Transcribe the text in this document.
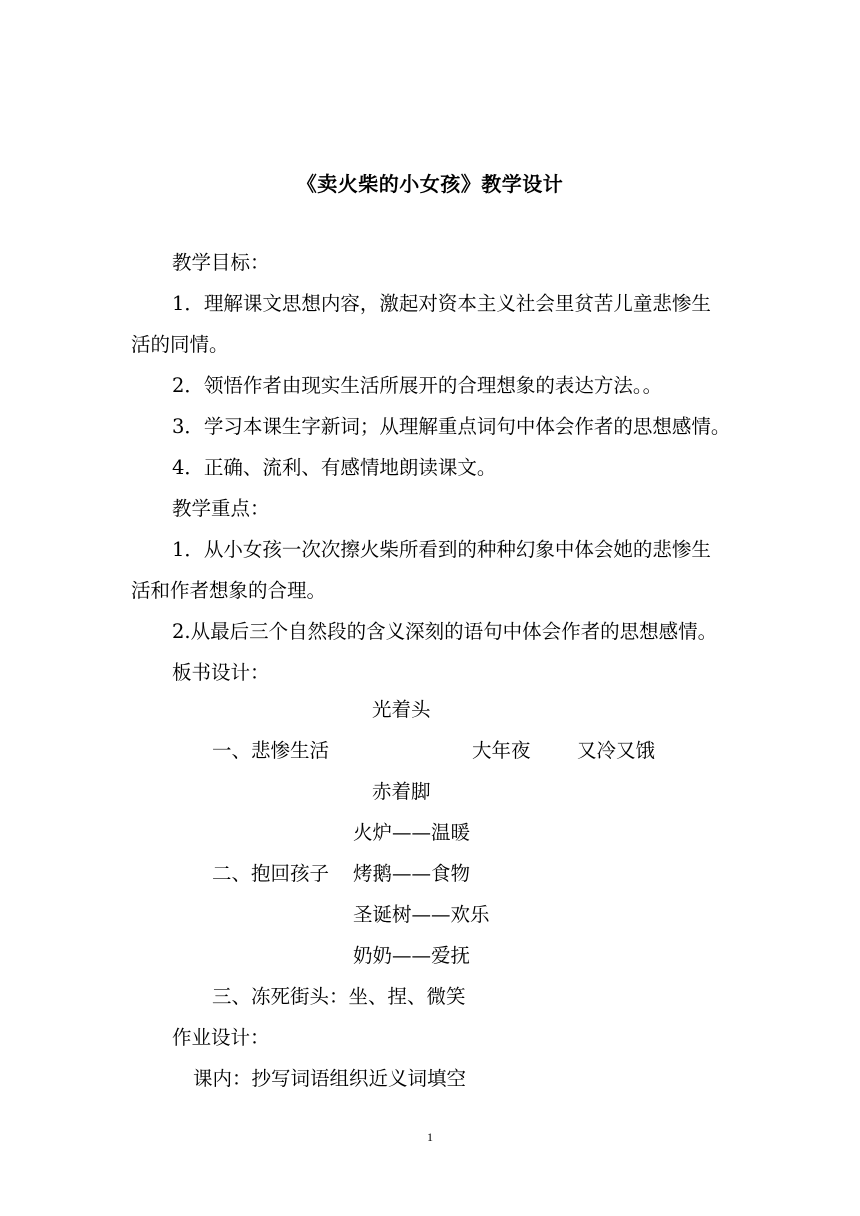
《卖火柴的小女孩》教学设计
教学目标：
1．理解课文思想内容，激起对资本主义社会里贫苦儿童悲惨生
活的同情。
2．领悟作者由现实生活所展开的合理想象的表达方法。。
3．学习本课生字新词；从理解重点词句中体会作者的思想感情。
4．正确、流利、有感情地朗读课文。
教学重点：
1．从小女孩一次次擦火柴所看到的种种幻象中体会她的悲惨生
活和作者想象的合理。
2.从最后三个自然段的含义深刻的语句中体会作者的思想感情。
板书设计：
光着头
一、悲惨生活	大年夜 又冷又饿
赤着脚
火炉——温暖
二、抱回孩子 烤鹅——食物
圣诞树——欢乐
奶奶——爱抚
三、冻死街头：坐、捏、微笑
作业设计：
课内：抄写词语组织近义词填空
1
